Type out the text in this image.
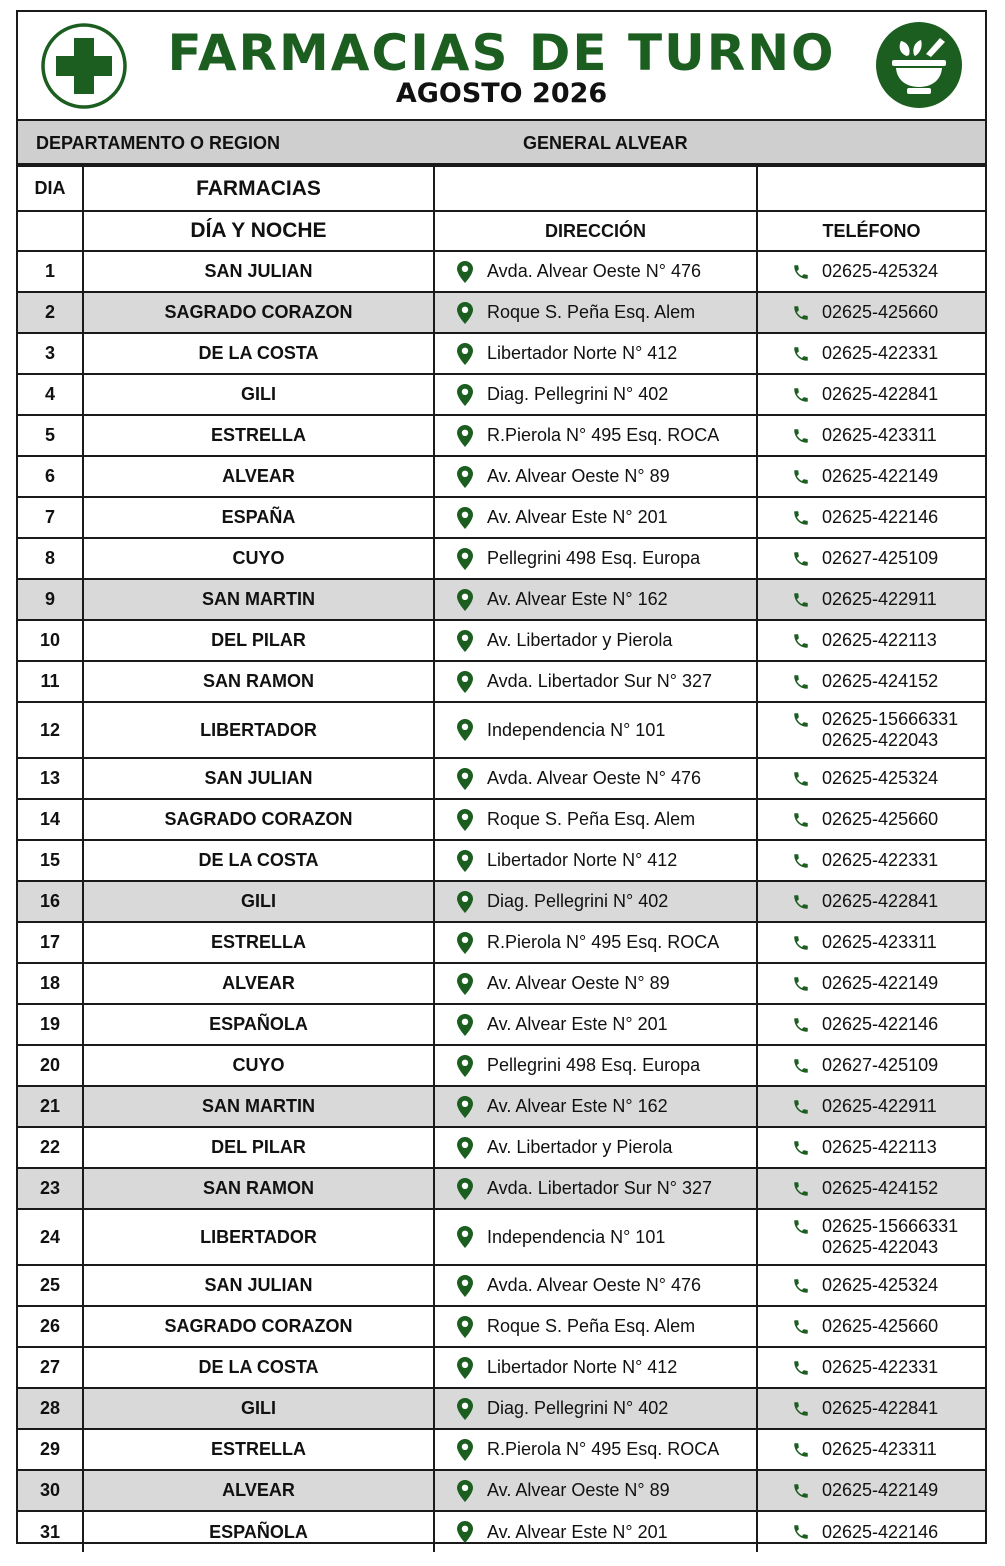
FARMACIAS DE TURNO
AGOSTO 2026
DEPARTAMENTO O REGION	GENERAL ALVEAR
DIA	FARMACIAS		
	DÍA Y NOCHE	DIRECCIÓN	TELÉFONO
1	SAN JULIAN	Avda. Alvear Oeste N° 476	02625-425324

2	SAGRADO CORAZON	Roque S. Peña Esq. Alem	02625-425660

3	DE LA COSTA	Libertador Norte N° 412	02625-422331

4	GILI	Diag. Pellegrini N° 402	02625-422841

5	ESTRELLA	R.Pierola N° 495 Esq. ROCA	02625-423311

6	ALVEAR	Av. Alvear Oeste N° 89	02625-422149

7	ESPAÑA	Av. Alvear Este N° 201	02625-422146

8	CUYO	Pellegrini 498 Esq. Europa	02627-425109

9	SAN MARTIN	Av. Alvear Este N° 162	02625-422911

10	DEL PILAR	Av. Libertador y Pierola	02625-422113

11	SAN RAMON	Avda. Libertador Sur N° 327	02625-424152

12	LIBERTADOR	Independencia N° 101	02625-15666331
02625-422043

13	SAN JULIAN	Avda. Alvear Oeste N° 476	02625-425324

14	SAGRADO CORAZON	Roque S. Peña Esq. Alem	02625-425660

15	DE LA COSTA	Libertador Norte N° 412	02625-422331

16	GILI	Diag. Pellegrini N° 402	02625-422841

17	ESTRELLA	R.Pierola N° 495 Esq. ROCA	02625-423311

18	ALVEAR	Av. Alvear Oeste N° 89	02625-422149

19	ESPAÑOLA	Av. Alvear Este N° 201	02625-422146

20	CUYO	Pellegrini 498 Esq. Europa	02627-425109

21	SAN MARTIN	Av. Alvear Este N° 162	02625-422911

22	DEL PILAR	Av. Libertador y Pierola	02625-422113

23	SAN RAMON	Avda. Libertador Sur N° 327	02625-424152

24	LIBERTADOR	Independencia N° 101	02625-15666331
02625-422043

25	SAN JULIAN	Avda. Alvear Oeste N° 476	02625-425324

26	SAGRADO CORAZON	Roque S. Peña Esq. Alem	02625-425660

27	DE LA COSTA	Libertador Norte N° 412	02625-422331

28	GILI	Diag. Pellegrini N° 402	02625-422841

29	ESTRELLA	R.Pierola N° 495 Esq. ROCA	02625-423311

30	ALVEAR	Av. Alvear Oeste N° 89	02625-422149

31	ESPAÑOLA	Av. Alvear Este N° 201	02625-422146
